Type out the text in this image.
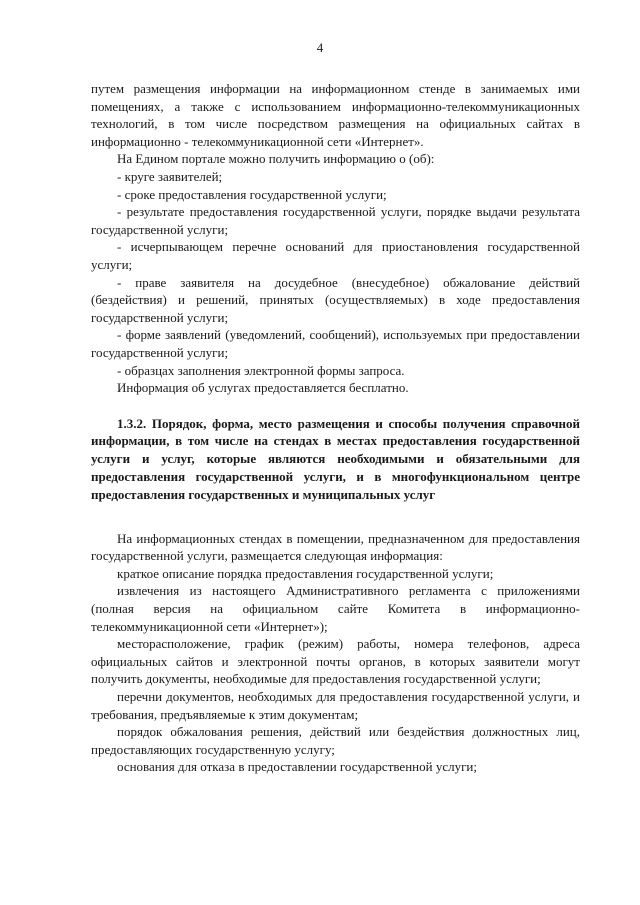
4

путем размещения информации на информационном стенде в занимаемых ими помещениях, а также с использованием информационно-телекоммуникационных технологий, в том числе посредством размещения на официальных сайтах в информационно - телекоммуникационной сети «Интернет».

На Едином портале можно получить информацию о (об):

- круге заявителей;

- сроке предоставления государственной услуги;

- результате предоставления государственной услуги, порядке выдачи результата государственной услуги;

- исчерпывающем перечне оснований для приостановления государственной услуги;

- праве заявителя на досудебное (внесудебное) обжалование действий (бездействия) и решений, принятых (осуществляемых) в ходе предоставления государственной услуги;

- форме заявлений (уведомлений, сообщений), используемых при предоставлении государственной услуги;

- образцах заполнения электронной формы запроса.

Информация об услугах предоставляется бесплатно.

1.3.2. Порядок, форма, место размещения и способы получения справочной информации, в том числе на стендах в местах предоставления государственной услуги и услуг, которые являются необходимыми и обязательными для предоставления государственной услуги, и в многофункциональном центре предоставления государственных и муниципальных услуг

На информационных стендах в помещении, предназначенном для предоставления государственной услуги, размещается следующая информация:

краткое описание порядка предоставления государственной услуги;

извлечения из настоящего Административного регламента с приложениями (полная версия на официальном сайте Комитета в информационно-телекоммуникационной сети «Интернет»);

месторасположение, график (режим) работы, номера телефонов, адреса официальных сайтов и электронной почты органов, в которых заявители могут получить документы, необходимые для предоставления государственной услуги;

перечни документов, необходимых для предоставления государственной услуги, и требования, предъявляемые к этим документам;

порядок обжалования решения, действий или бездействия должностных лиц, предоставляющих государственную услугу;

основания для отказа в предоставлении государственной услуги;
